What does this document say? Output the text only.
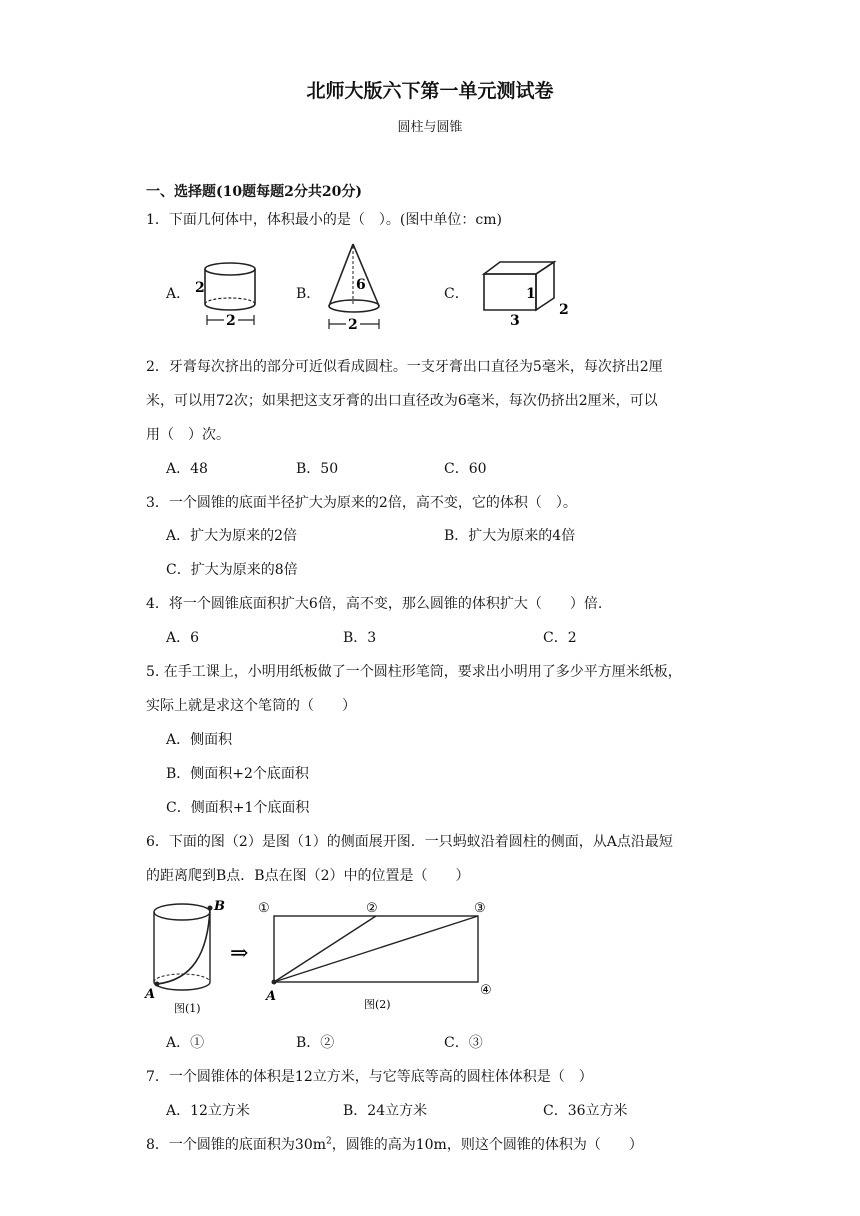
北师大版六下第一单元测试卷
圆柱与圆锥
一、选择题(10题每题2分共20分)
1．下面几何体中，体积最小的是（　）。(图中单位：cm)
A．	B．	C．
2
2
6
2
1
2
3
2．牙膏每次挤出的部分可近似看成圆柱。一支牙膏出口直径为5毫米，每次挤出2厘
米，可以用72次；如果把这支牙膏的出口直径改为6毫米，每次仍挤出2厘米，可以
用（　）次。
A．48	B．50	C．60
3．一个圆锥的底面半径扩大为原来的2倍，高不变，它的体积（　）。
A．扩大为原来的2倍	B．扩大为原来的4倍
C．扩大为原来的8倍
4．将一个圆锥底面积扩大6倍，高不变，那么圆锥的体积扩大（　　）倍.
A．6	B．3	C．2
5. 在手工课上，小明用纸板做了一个圆柱形笔筒，要求出小明用了多少平方厘米纸板，
实际上就是求这个笔筒的（　　）
A．侧面积
B．侧面积+2个底面积
C．侧面积+1个底面积
6．下面的图（2）是图（1）的侧面展开图．一只蚂蚁沿着圆柱的侧面，从A点沿最短
的距离爬到B点．B点在图（2）中的位置是（　　）
A
B
图(1)
⇒
①	②	③
④
A
图(2)
A．①	B．②	C．③
7．一个圆锥体的体积是12立方米，与它等底等高的圆柱体体积是（　）
A．12立方米	B．24立方米	C．36立方米
8．一个圆锥的底面积为$30m^2$，圆锥的高为10m，则这个圆锥的体积为（　　）
